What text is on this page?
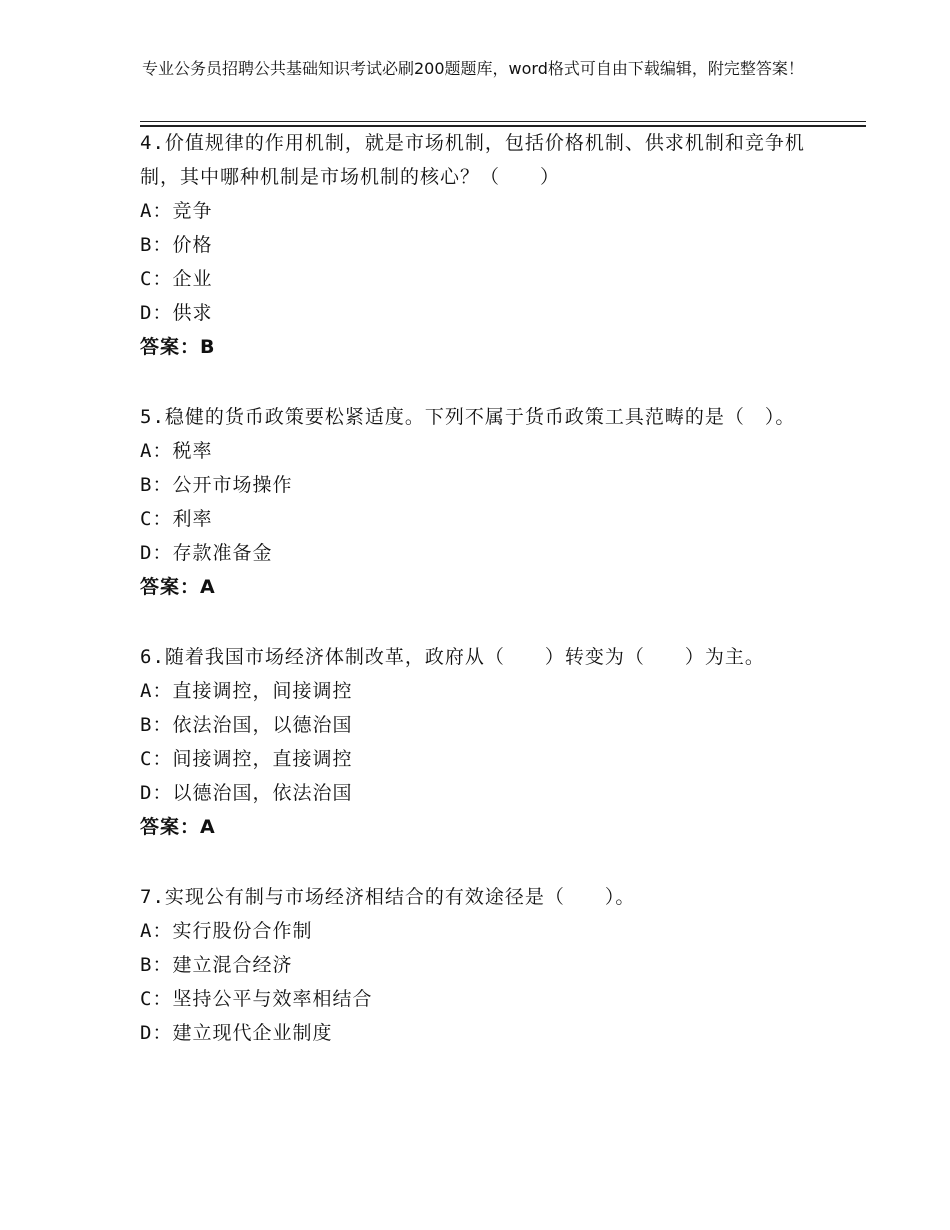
专业公务员招聘公共基础知识考试必刷200题题库，word格式可自由下载编辑，附完整答案！
4.价值规律的作用机制，就是市场机制，包括价格机制、供求机制和竞争机制，其中哪种机制是市场机制的核心？（　　）
A：竞争
B：价格
C：企业
D：供求
答案：B
5.稳健的货币政策要松紧适度。下列不属于货币政策工具范畴的是（　）。
A：税率
B：公开市场操作
C：利率
D：存款准备金
答案：A
6.随着我国市场经济体制改革，政府从（　　）转变为（　　）为主。
A：直接调控，间接调控
B：依法治国，以德治国
C：间接调控，直接调控
D：以德治国，依法治国
答案：A
7.实现公有制与市场经济相结合的有效途径是（　　）。
A：实行股份合作制
B：建立混合经济
C：坚持公平与效率相结合
D：建立现代企业制度
